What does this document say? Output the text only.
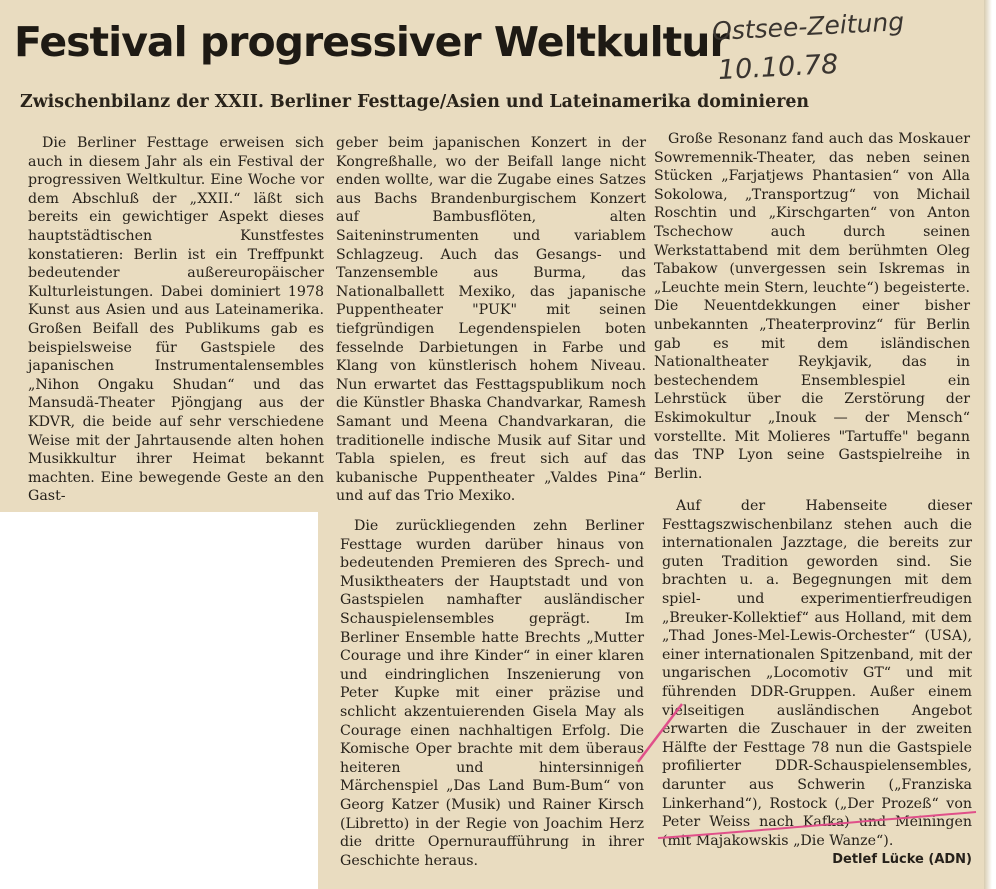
Festival progressiver Weltkultur
Ostsee-Zeitung
10.10.78
Zwischenbilanz der XXII. Berliner Festtage/Asien und Lateinamerika dominieren

Die Berliner Festtage erweisen sich auch in diesem Jahr als ein Festival der progressiven Weltkultur. Eine Woche vor dem Abschluß der „XXII.“ läßt sich bereits ein gewichtiger Aspekt dieses hauptstädtischen Kunstfestes konstatieren: Berlin ist ein Treffpunkt bedeutender außereuropäischer Kulturleistungen. Dabei dominiert 1978 Kunst aus Asien und aus Lateinamerika. Großen Beifall des Publikums gab es beispielsweise für Gastspiele des japanischen Instrumentalensembles „Nihon Ongaku Shudan“ und das Mansudä-Theater Pjöngjang aus der KDVR, die beide auf sehr verschiedene Weise mit der Jahrtausende alten hohen Musikkultur ihrer Heimat bekannt machten. Eine bewegende Geste an den Gast-

geber beim japanischen Konzert in der Kongreßhalle, wo der Beifall lange nicht enden wollte, war die Zugabe eines Satzes aus Bachs Brandenburgischem Konzert auf Bambusflöten, alten Saiteninstrumenten und variablem Schlagzeug. Auch das Gesangs- und Tanzensemble aus Burma, das Nationalballett Mexiko, das japanische Puppentheater "PUK" mit seinen tiefgründigen Legendenspielen boten fesselnde Darbietungen in Farbe und Klang von künstlerisch hohem Niveau. Nun erwartet das Festtagspublikum noch die Künstler Bhaska Chandvarkar, Ramesh Samant und Meena Chandvarkaran, die traditionelle indische Musik auf Sitar und Tabla spielen, es freut sich auf das kubanische Puppentheater „Valdes Pina“ und auf das Trio Mexiko.

Die zurückliegenden zehn Berliner Festtage wurden darüber hinaus von bedeutenden Premieren des Sprech- und Musiktheaters der Hauptstadt und von Gastspielen namhafter ausländischer Schauspielensembles geprägt. Im Berliner Ensemble hatte Brechts „Mutter Courage und ihre Kinder“ in einer klaren und eindringlichen Inszenierung von Peter Kupke mit einer präzise und schlicht akzentuierenden Gisela May als Courage einen nachhaltigen Erfolg. Die Komische Oper brachte mit dem überaus heiteren und hintersinnigen Märchenspiel „Das Land Bum-Bum“ von Georg Katzer (Musik) und Rainer Kirsch (Libretto) in der Regie von Joachim Herz die dritte Opernuraufführung in ihrer Geschichte heraus.

Große Resonanz fand auch das Moskauer Sowremennik-Theater, das neben seinen Stücken „Farjatjews Phantasien“ von Alla Sokolowa, „Transportzug“ von Michail Roschtin und „Kirschgarten“ von Anton Tschechow auch durch seinen Werkstattabend mit dem berühmten Oleg Tabakow (unvergessen sein Iskremas in „Leuchte mein Stern, leuchte“) begeisterte. Die Neuentdekkungen einer bisher unbekannten „Theaterprovinz“ für Berlin gab es mit dem isländischen Nationaltheater Reykjavik, das in bestechendem Ensemblespiel ein Lehrstück über die Zerstörung der Eskimokultur „Inouk — der Mensch“ vorstellte. Mit Molieres "Tartuffe" begann das TNP Lyon seine Gastspielreihe in Berlin.

Auf der Habenseite dieser Festtagszwischenbilanz stehen auch die internationalen Jazztage, die bereits zur guten Tradition geworden sind. Sie brachten u. a. Begegnungen mit dem spiel- und experimentierfreudigen „Breuker-Kollektief“ aus Holland, mit dem „Thad Jones-Mel-Lewis-Orchester“ (USA), einer internationalen Spitzenband, mit der ungarischen „Locomotiv GT“ und mit führenden DDR-Gruppen. Außer einem vielseitigen ausländischen Angebot erwarten die Zuschauer in der zweiten Hälfte der Festtage 78 nun die Gastspiele profilierter DDR-Schauspielensembles, darunter aus Schwerin („Franziska Linkerhand“), Rostock („Der Prozeß“ von Peter Weiss nach Kafka) und Meiningen (mit Majakowskis „Die Wanze“).

Detlef Lücke (ADN)
